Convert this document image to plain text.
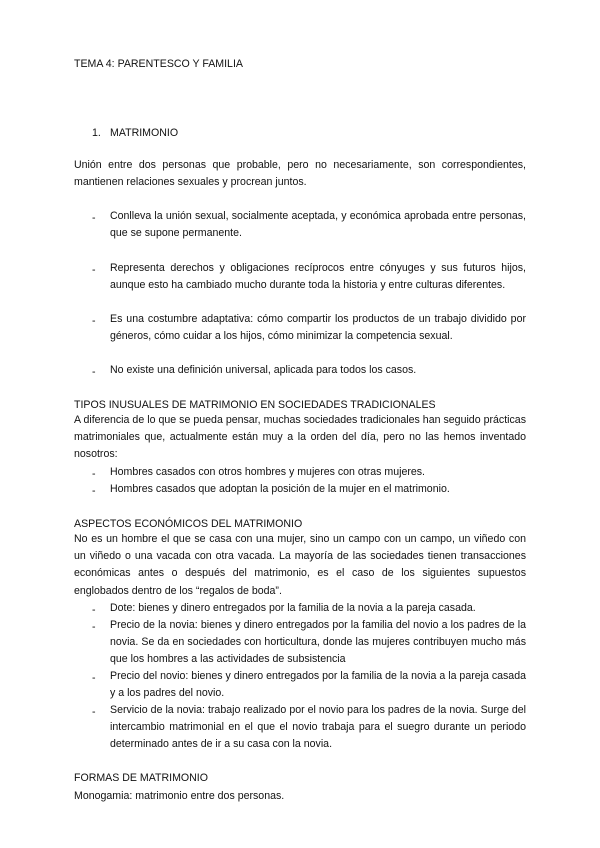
TEMA 4: PARENTESCO Y FAMILIA
1. MATRIMONIO

Unión entre dos personas que probable, pero no necesariamente, son correspondientes, mantienen relaciones sexuales y procrean juntos.

- Conlleva la unión sexual, socialmente aceptada, y económica aprobada entre personas, que se supone permanente.

- Representa derechos y obligaciones recíprocos entre cónyuges y sus futuros hijos, aunque esto ha cambiado mucho durante toda la historia y entre culturas diferentes.

- Es una costumbre adaptativa: cómo compartir los productos de un trabajo dividido por géneros, cómo cuidar a los hijos, cómo minimizar la competencia sexual.

- No existe una definición universal, aplicada para todos los casos.

TIPOS INUSUALES DE MATRIMONIO EN SOCIEDADES TRADICIONALES

A diferencia de lo que se pueda pensar, muchas sociedades tradicionales han seguido prácticas matrimoniales que, actualmente están muy a la orden del día, pero no las hemos inventado nosotros:

- Hombres casados con otros hombres y mujeres con otras mujeres.

- Hombres casados que adoptan la posición de la mujer en el matrimonio.

ASPECTOS ECONÓMICOS DEL MATRIMONIO

No es un hombre el que se casa con una mujer, sino un campo con un campo, un viñedo con un viñedo o una vacada con otra vacada. La mayoría de las sociedades tienen transacciones económicas antes o después del matrimonio, es el caso de los siguientes supuestos englobados dentro de los “regalos de boda”.

- Dote: bienes y dinero entregados por la familia de la novia a la pareja casada.

- Precio de la novia: bienes y dinero entregados por la familia del novio a los padres de la novia. Se da en sociedades con horticultura, donde las mujeres contribuyen mucho más que los hombres a las actividades de subsistencia

- Precio del novio: bienes y dinero entregados por la familia de la novia a la pareja casada y a los padres del novio.

- Servicio de la novia: trabajo realizado por el novio para los padres de la novia. Surge del intercambio matrimonial en el que el novio trabaja para el suegro durante un periodo determinado antes de ir a su casa con la novia.

FORMAS DE MATRIMONIO
Monogamia: matrimonio entre dos personas.
